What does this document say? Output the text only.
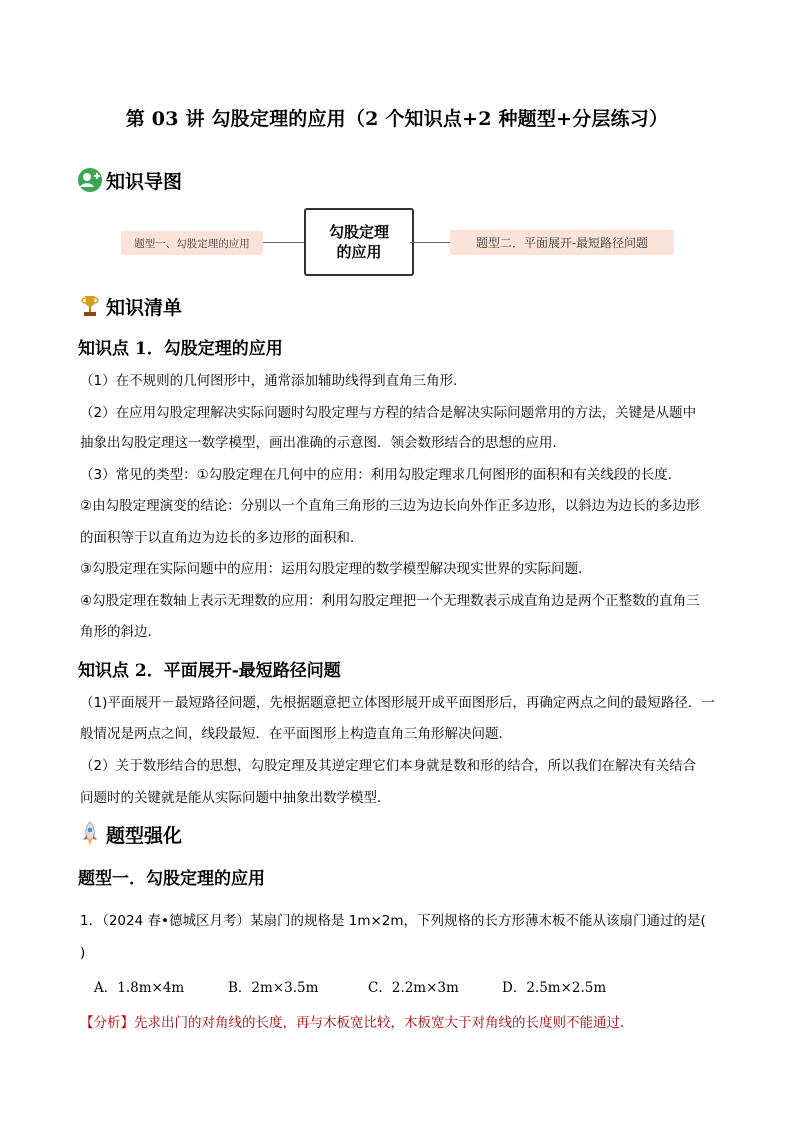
第 03 讲 勾股定理的应用（2 个知识点+2 种题型+分层练习）
知识导图
题型一、勾股定理的应用
勾股定理
的应用	题型二．平面展开-最短路径问题
知识清单
知识点 1．勾股定理的应用
（1）在不规则的几何图形中，通常添加辅助线得到直角三角形．
（2）在应用勾股定理解决实际问题时勾股定理与方程的结合是解决实际问题常用的方法，关键是从题中
抽象出勾股定理这一数学模型，画出准确的示意图．领会数形结合的思想的应用．
（3）常见的类型：①勾股定理在几何中的应用：利用勾股定理求几何图形的面积和有关线段的长度．
②由勾股定理演变的结论：分别以一个直角三角形的三边为边长向外作正多边形，以斜边为边长的多边形
的面积等于以直角边为边长的多边形的面积和．
③勾股定理在实际问题中的应用：运用勾股定理的数学模型解决现实世界的实际问题．
④勾股定理在数轴上表示无理数的应用：利用勾股定理把一个无理数表示成直角边是两个正整数的直角三
角形的斜边．
知识点 2．平面展开-最短路径问题
（1)平面展开－最短路径问题，先根据题意把立体图形展开成平面图形后，再确定两点之间的最短路径．一
般情况是两点之间，线段最短．在平面图形上构造直角三角形解决问题．
（2）关于数形结合的思想，勾股定理及其逆定理它们本身就是数和形的结合，所以我们在解决有关结合
问题时的关键就是能从实际问题中抽象出数学模型．
题型强化
题型一．勾股定理的应用
1．（2024 春•德城区月考）某扇门的规格是 1m×2m，下列规格的长方形薄木板不能从该扇门通过的是(
)
A．1.8m×4m	B．2m×3.5m	C．2.2m×3m	D．2.5m×2.5m
【分析】先求出门的对角线的长度，再与木板宽比较，木板宽大于对角线的长度则不能通过．
